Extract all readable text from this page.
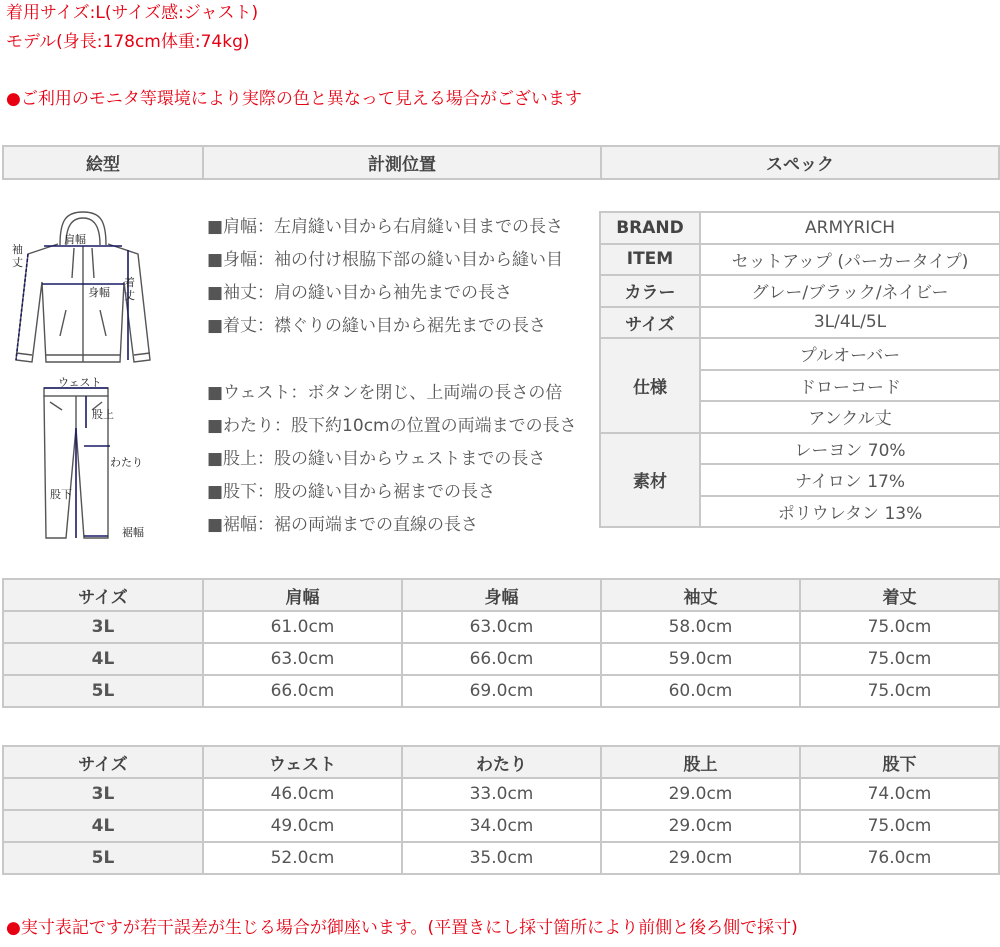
着用サイズ:L(サイズ感:ジャスト)
モデル(身長:178cm体重:74kg)
●ご利用のモニタ等環境により実際の色と異なって見える場合がございます
絵型	計測位置	スペック
肩幅
袖
丈
身幅
着
丈
ウェスト
股上
わたり
股下
裾幅
■肩幅：左肩縫い目から右肩縫い目までの長さ
■身幅：袖の付け根脇下部の縫い目から縫い目
■袖丈：肩の縫い目から袖先までの長さ
■着丈：襟ぐりの縫い目から裾先までの長さ
■ウェスト：ボタンを閉じ、上両端の長さの倍
■わたり：股下約10cmの位置の両端までの長さ
■股上：股の縫い目からウェストまでの長さ
■股下：股の縫い目から裾までの長さ
■裾幅：裾の両端までの直線の長さ
BRAND	ARMYRICH
ITEM	セットアップ (パーカータイプ)
カラー	グレー/ブラック/ネイビー
サイズ	3L/4L/5L
仕様	プルオーバー
	ドローコード
	アンクル丈
素材	レーヨン 70%
	ナイロン 17%
	ポリウレタン 13%
サイズ	肩幅	身幅	袖丈	着丈
3L	61.0cm	63.0cm	58.0cm	75.0cm
4L	63.0cm	66.0cm	59.0cm	75.0cm
5L	66.0cm	69.0cm	60.0cm	75.0cm
サイズ	ウェスト	わたり	股上	股下
3L	46.0cm	33.0cm	29.0cm	74.0cm
4L	49.0cm	34.0cm	29.0cm	75.0cm
5L	52.0cm	35.0cm	29.0cm	76.0cm
●実寸表記ですが若干誤差が生じる場合が御座います。(平置きにし採寸箇所により前側と後ろ側で採寸)
